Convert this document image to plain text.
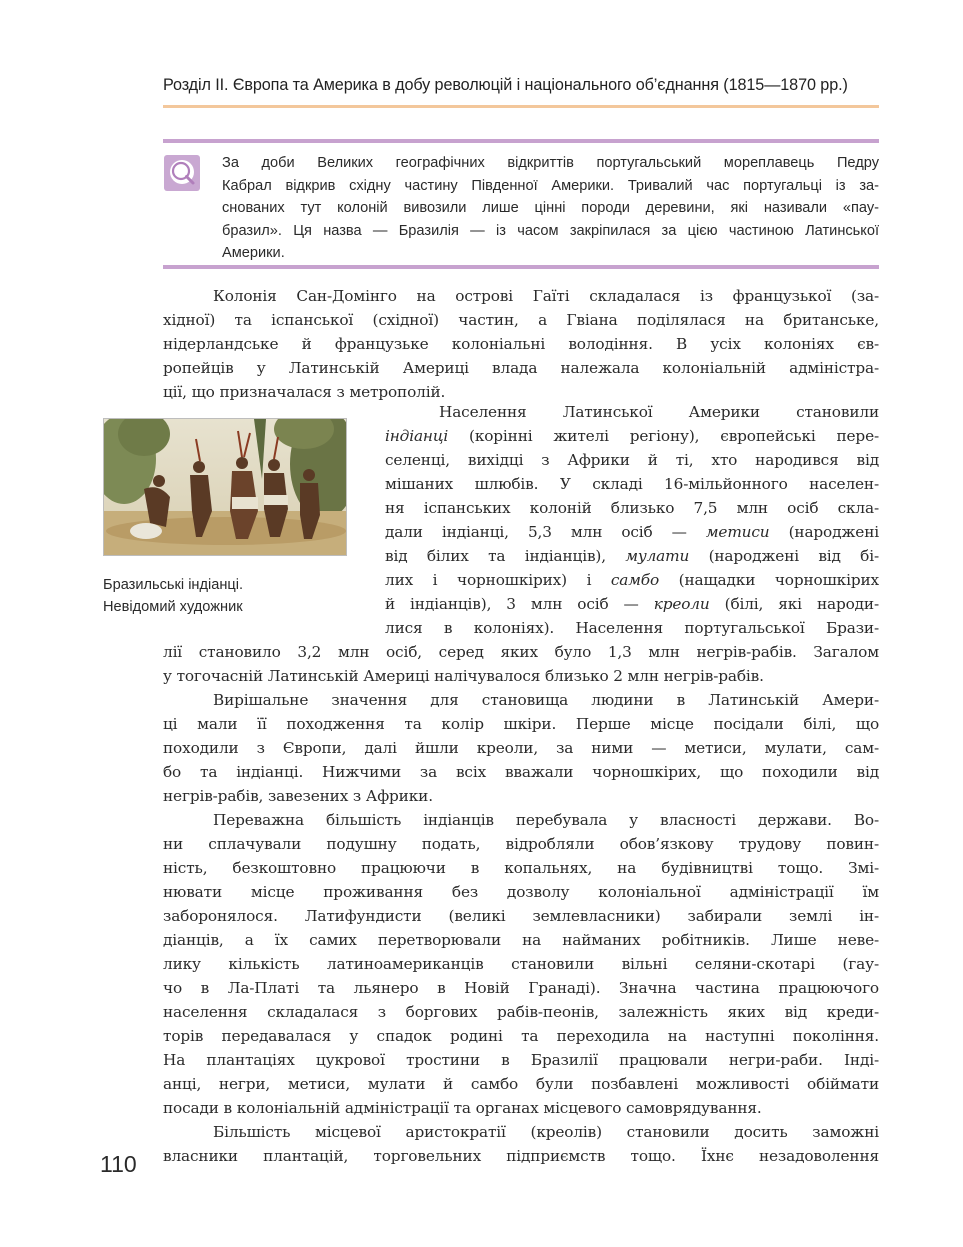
Розділ ІІ. Європа та Америка в добу революцій і національного об’єднання (1815—1870 рр.)
За доби Великих географічних відкриттів португальський мореплавець Педру
Кабрал відкрив східну частину Південної Америки. Тривалий час португальці із за-
снованих тут колоній вивозили лише цінні породи деревини, які називали «пау-
бразил». Ця назва — Бразилія — із часом закріпилася за цією частиною Латинської
Америки.
Колонія Сан-Домінго на острові Гаїті складалася із французької (за-
хідної) та іспанської (східної) частин, а Гвіана поділялася на британське,
нідерландське й французьке колоніальні володіння. В усіх колоніях єв-
ропейців у Латинській Америці влада належала колоніальній адміністра-
ції, що призначалася з метрополій.
Бразильські індіанці.
Невідомий художник
Населення Латинської Америки становили
індіанці (корінні жителі регіону), європейські пере-
селенці, вихідці з Африки й ті, хто народився від
мішаних шлюбів. У складі 16-мільйонного населен-
ня іспанських колоній близько 7,5 млн осіб скла-
дали індіанці, 5,3 млн осіб — метиси (народжені
від білих та індіанців), мулати (народжені від бі-
лих і чорношкірих) і самбо (нащадки чорношкірих
й індіанців), 3 млн осіб — креоли (білі, які народи-
лися в колоніях). Населення португальської Брази-
лії становило 3,2 млн осіб, серед яких було 1,3 млн негрів-рабів. Загалом
у тогочасній Латинській Америці налічувалося близько 2 млн негрів-рабів.
Вирішальне значення для становища людини в Латинській Амери-
ці мали її походження та колір шкіри. Перше місце посідали білі, що
походили з Європи, далі йшли креоли, за ними — метиси, мулати, сам-
бо та індіанці. Нижчими за всіх вважали чорношкірих, що походили від
негрів-рабів, завезених з Африки.
Переважна більшість індіанців перебувала у власності держави. Во-
ни сплачували подушну подать, відробляли обов’язкову трудову повин-
ність, безкоштовно працюючи в копальнях, на будівництві тощо. Змі-
нювати місце проживання без дозволу колоніальної адміністрації їм
заборонялося. Латифундисти (великі землевласники) забирали землі ін-
діанців, а їх самих перетворювали на найманих робітників. Лише неве-
лику кількість латиноамериканців становили вільні селяни-скотарі (гау-
чо в Ла-Платі та льянеро в Новій Гранаді). Значна частина працюючого
населення складалася з боргових рабів-пеонів, залежність яких від креди-
торів передавалася у спадок родині та переходила на наступні покоління.
На плантаціях цукрової тростини в Бразилії працювали негри-раби. Інді-
анці, негри, метиси, мулати й самбо були позбавлені можливості обіймати
посади в колоніальній адміністрації та органах місцевого самоврядування.
Більшість місцевої аристократії (креолів) становили досить заможні
власники плантацій, торговельних підприємств тощо. Їхнє незадоволення
110
